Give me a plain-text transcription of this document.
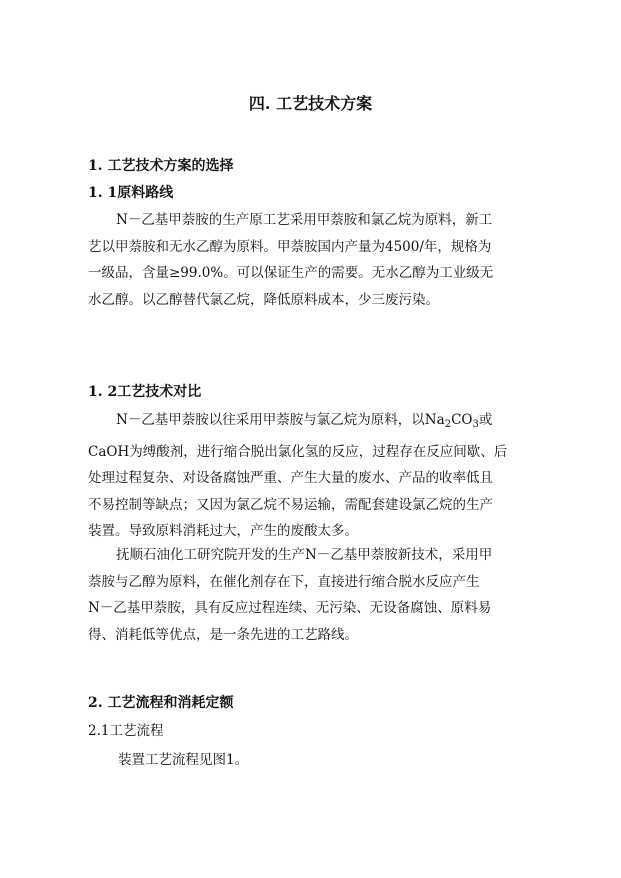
四. 工艺技术方案
1. 工艺技术方案的选择
1. 1原料路线

N－乙基甲萘胺的生产原工艺采用甲萘胺和氯乙烷为原料，新工
艺以甲萘胺和无水乙醇为原料。甲萘胺国内产量为4500/年，规格为
一级品，含量≥99.0%。可以保证生产的需要。无水乙醇为工业级无
水乙醇。以乙醇替代氯乙烷，降低原料成本，少三废污染。

1. 2工艺技术对比

N－乙基甲萘胺以往采用甲萘胺与氯乙烷为原料，以$Na_2CO_3$或
CaOH为缚酸剂，进行缩合脱出氯化氢的反应，过程存在反应间歇、后
处理过程复杂、对设备腐蚀严重、产生大量的废水、产品的收率低且
不易控制等缺点；又因为氯乙烷不易运输，需配套建设氯乙烷的生产
装置。导致原料消耗过大，产生的废酸太多。

抚顺石油化工研究院开发的生产N－乙基甲萘胺新技术，采用甲
萘胺与乙醇为原料，在催化剂存在下，直接进行缩合脱水反应产生
N－乙基甲萘胺，具有反应过程连续、无污染、无设备腐蚀、原料易
得、消耗低等优点，是一条先进的工艺路线。

2. 工艺流程和消耗定额
2.1工艺流程
装置工艺流程见图1。
